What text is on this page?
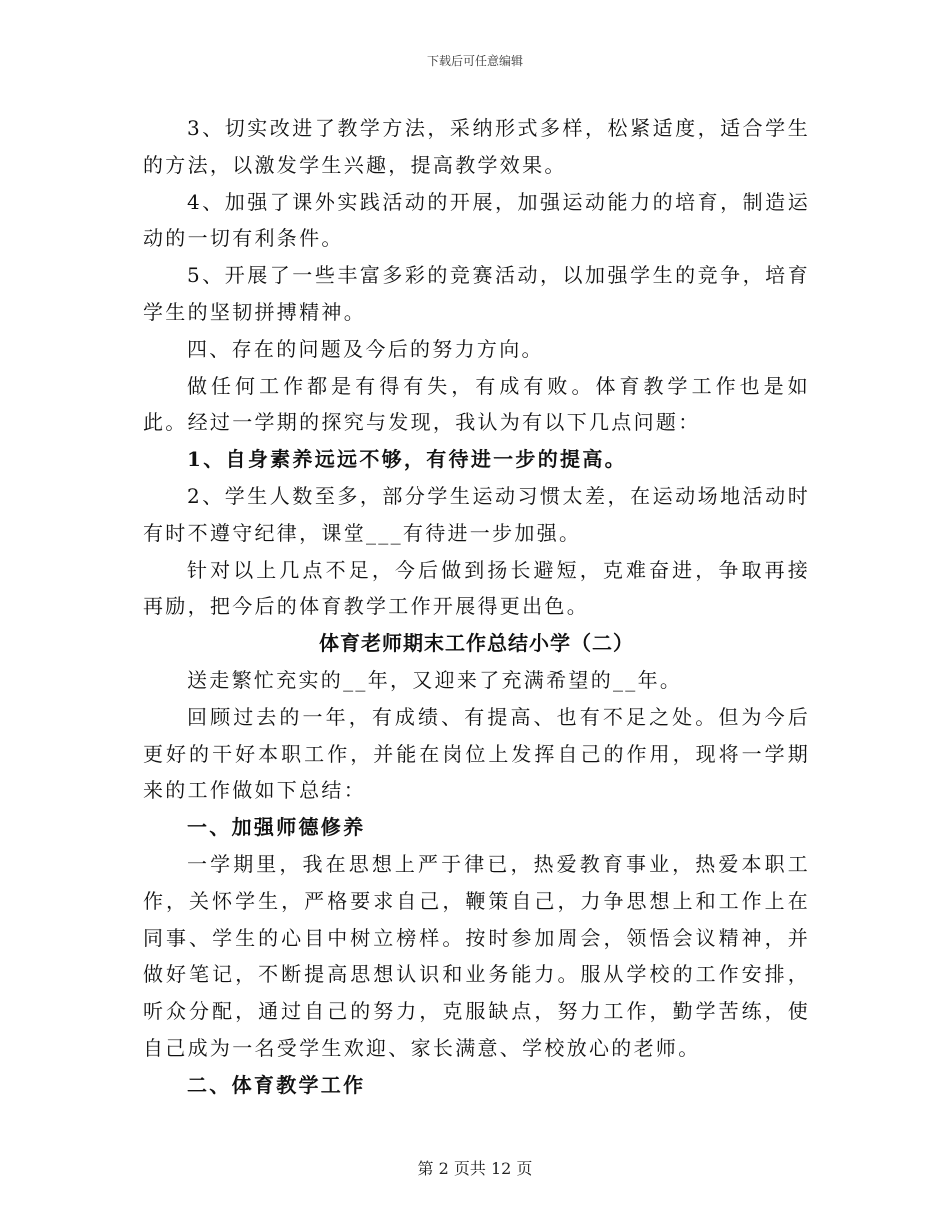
下载后可任意编辑

3、切实改进了教学方法，采纳形式多样，松紧适度，适合学生的方法，以激发学生兴趣，提高教学效果。

4、加强了课外实践活动的开展，加强运动能力的培育，制造运动的一切有利条件。

5、开展了一些丰富多彩的竞赛活动，以加强学生的竞争，培育学生的坚韧拼搏精神。

四、存在的问题及今后的努力方向。

做任何工作都是有得有失，有成有败。体育教学工作也是如此。经过一学期的探究与发现，我认为有以下几点问题：

1、自身素养远远不够，有待进一步的提高。

2、学生人数至多，部分学生运动习惯太差，在运动场地活动时有时不遵守纪律，课堂___有待进一步加强。

针对以上几点不足，今后做到扬长避短，克难奋进，争取再接再励，把今后的体育教学工作开展得更出色。

体育老师期末工作总结小学（二）

送走繁忙充实的__年，又迎来了充满希望的__年。

回顾过去的一年，有成绩、有提高、也有不足之处。但为今后更好的干好本职工作，并能在岗位上发挥自己的作用，现将一学期来的工作做如下总结：

一、加强师德修养

一学期里，我在思想上严于律已，热爱教育事业，热爱本职工作，关怀学生，严格要求自己，鞭策自己，力争思想上和工作上在同事、学生的心目中树立榜样。按时参加周会，领悟会议精神，并做好笔记，不断提高思想认识和业务能力。服从学校的工作安排，听众分配，通过自己的努力，克服缺点，努力工作，勤学苦练，使自己成为一名受学生欢迎、家长满意、学校放心的老师。

二、体育教学工作

第 2 页共 12 页
